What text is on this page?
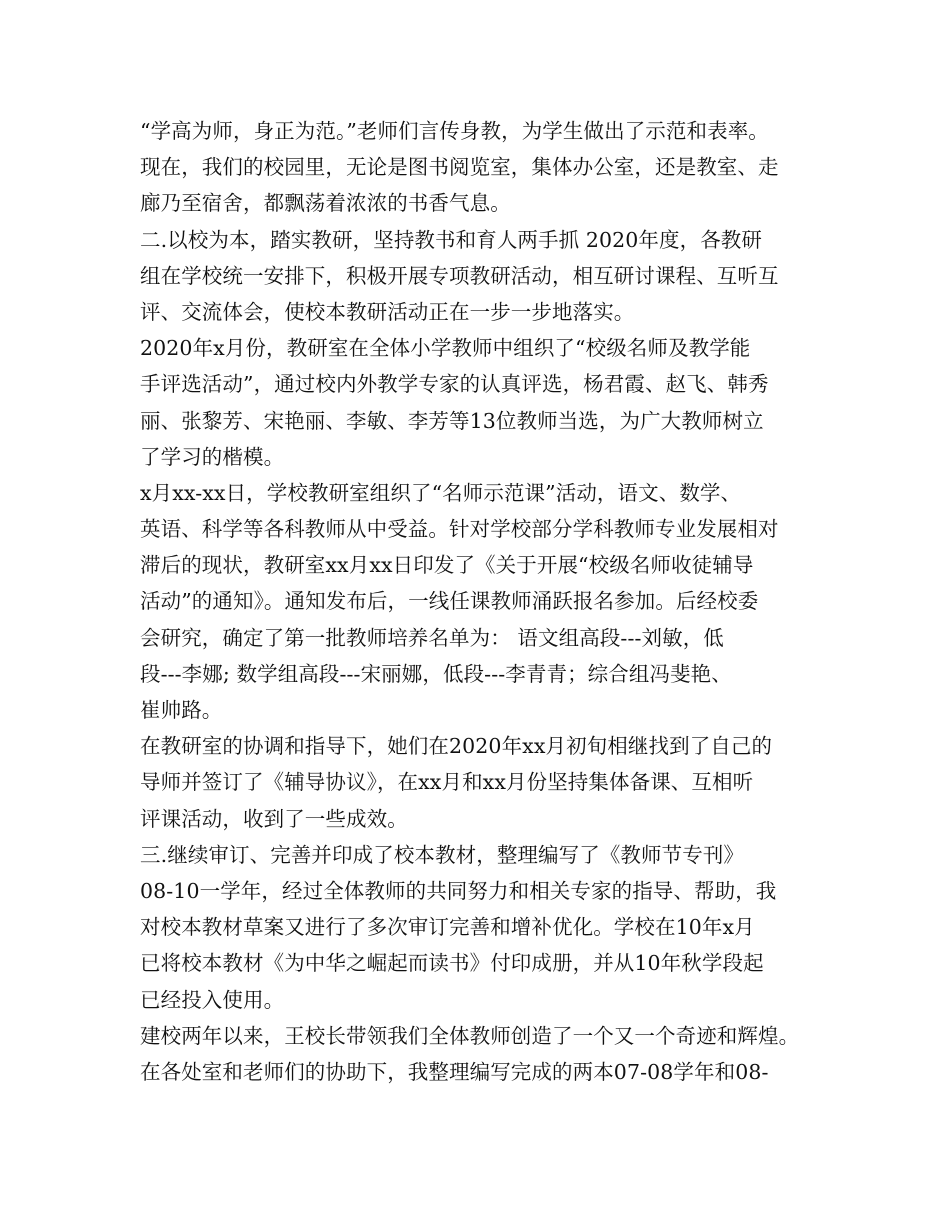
“学高为师，身正为范。”老师们言传身教，为学生做出了示范和表率。
现在，我们的校园里，无论是图书阅览室，集体办公室，还是教室、走
廊乃至宿舍，都飘荡着浓浓的书香气息。
二.以校为本，踏实教研，坚持教书和育人两手抓 2020年度，各教研
组在学校统一安排下，积极开展专项教研活动，相互研讨课程、互听互
评、交流体会，使校本教研活动正在一步一步地落实。
2020年x月份，教研室在全体小学教师中组织了“校级名师及教学能
手评选活动”，通过校内外教学专家的认真评选，杨君霞、赵飞、韩秀
丽、张黎芳、宋艳丽、李敏、李芳等13位教师当选，为广大教师树立
了学习的楷模。
x月xx-xx日，学校教研室组织了“名师示范课”活动，语文、数学、
英语、科学等各科教师从中受益。针对学校部分学科教师专业发展相对
滞后的现状，教研室xx月xx日印发了《关于开展“校级名师收徒辅导
活动”的通知》。通知发布后，一线任课教师涌跃报名参加。后经校委
会研究，确定了第一批教师培养名单为： 语文组高段---刘敏，低
段---李娜; 数学组高段---宋丽娜，低段---李青青；综合组冯斐艳、
崔帅路。
在教研室的协调和指导下，她们在2020年xx月初旬相继找到了自己的
导师并签订了《辅导协议》，在xx月和xx月份坚持集体备课、互相听
评课活动，收到了一些成效。
三.继续审订、完善并印成了校本教材，整理编写了《教师节专刊》
08-10一学年，经过全体教师的共同努力和相关专家的指导、帮助，我
对校本教材草案又进行了多次审订完善和增补优化。学校在10年x月
已将校本教材《为中华之崛起而读书》付印成册，并从10年秋学段起
已经投入使用。
建校两年以来，王校长带领我们全体教师创造了一个又一个奇迹和辉煌。
在各处室和老师们的协助下，我整理编写完成的两本07-08学年和08-
